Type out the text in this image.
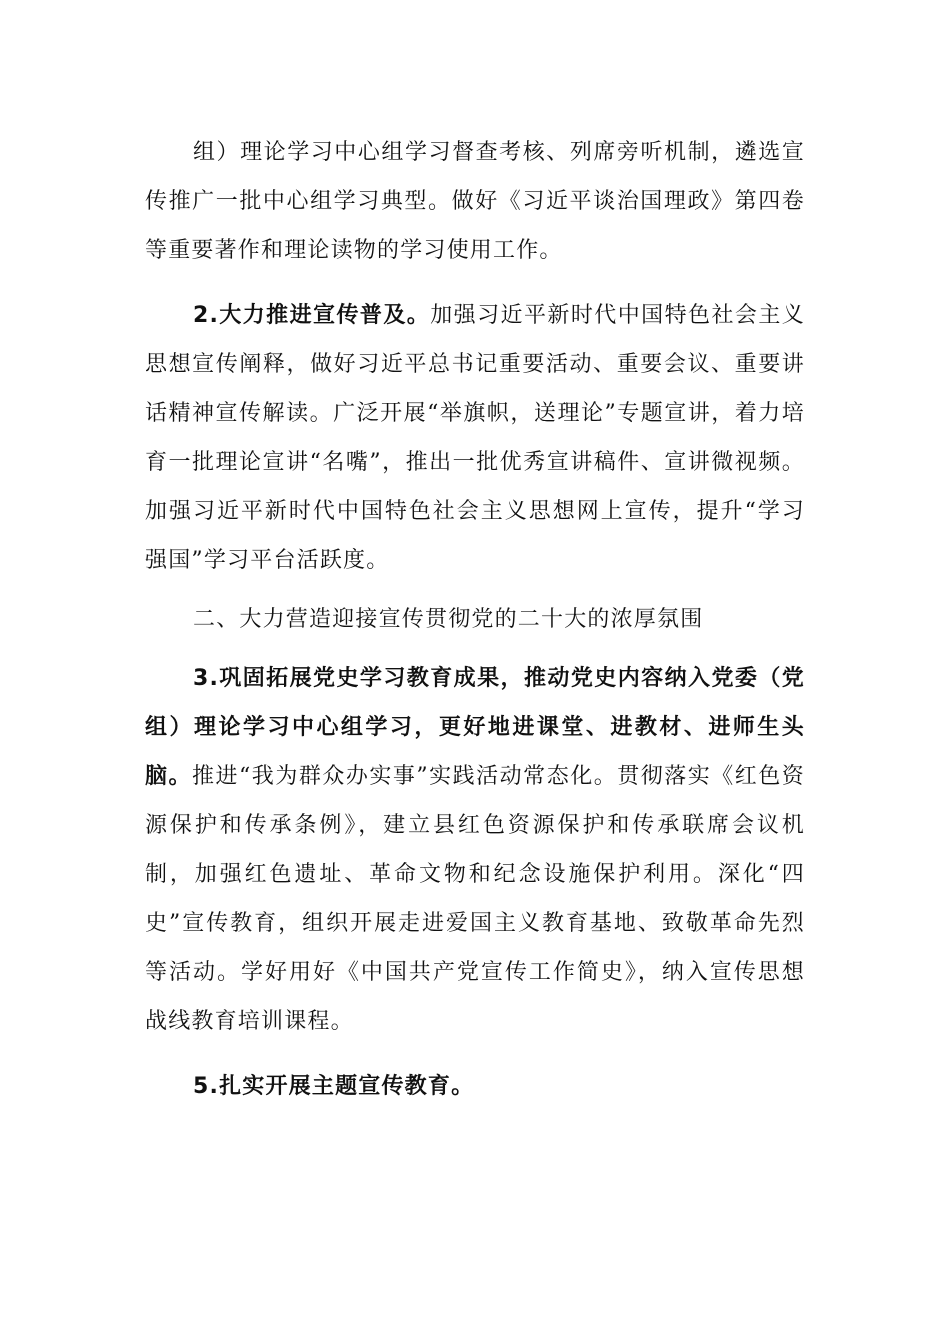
组）理论学习中心组学习督查考核、列席旁听机制，遴选宣传推广一批中心组学习典型。做好《习近平谈治国理政》第四卷等重要著作和理论读物的学习使用工作。

2.大力推进宣传普及。加强习近平新时代中国特色社会主义思想宣传阐释，做好习近平总书记重要活动、重要会议、重要讲话精神宣传解读。广泛开展“举旗帜，送理论”专题宣讲，着力培育一批理论宣讲“名嘴”，推出一批优秀宣讲稿件、宣讲微视频。加强习近平新时代中国特色社会主义思想网上宣传，提升“学习强国”学习平台活跃度。

二、大力营造迎接宣传贯彻党的二十大的浓厚氛围

3.巩固拓展党史学习教育成果，推动党史内容纳入党委（党组）理论学习中心组学习，更好地进课堂、进教材、进师生头脑。推进“我为群众办实事”实践活动常态化。贯彻落实《红色资源保护和传承条例》，建立县红色资源保护和传承联席会议机制，加强红色遗址、革命文物和纪念设施保护利用。深化“四史”宣传教育，组织开展走进爱国主义教育基地、致敬革命先烈等活动。学好用好《中国共产党宣传工作简史》，纳入宣传思想战线教育培训课程。

5.扎实开展主题宣传教育。
